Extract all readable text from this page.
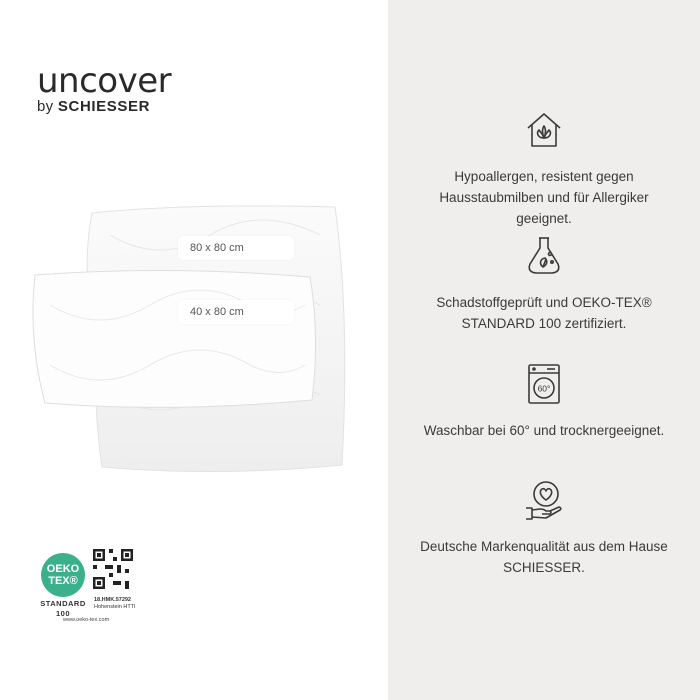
uncover
by SCHIESSER
80 x 80 cm
40 x 80 cm
OEKO
TEX®
STANDARD 100
18.HMK.57292
Hohenstein HTTI
www.oeko-tex.com
Hypoallergen, resistent gegen Hausstaubmilben und für Allergiker geeignet.
Schadstoffgeprüft und OEKO-TEX® STANDARD 100 zertifiziert.
60°
Waschbar bei 60° und trocknergeeignet.
Deutsche Markenqualität aus dem Hause SCHIESSER.
